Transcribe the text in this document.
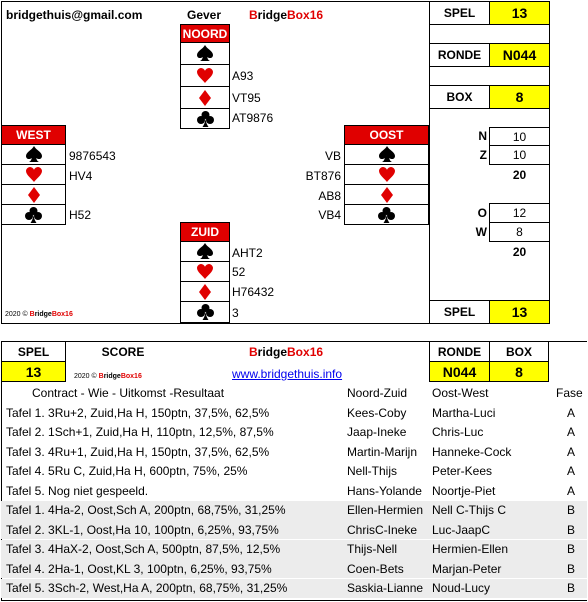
bridgethuis@gmail.com	Gever BridgeBox16
NOORD
A93
VT95
AT9876
WEST
9876543
HV4
H52
OOST
VB
BT876
AB8
VB4
ZUID
AHT2
52
H76432
3
2020 © BridgeBox16
SPEL	13
RONDE	N044
BOX	8
N	10
Z	10
20
O	12
W	8
20
SPEL	13
SPEL
13
SCORE	BridgeBox16
2020 © BridgeBox16	www.bridgethuis.info
RONDE
N044
BOX
8
Contract - Wie - Uitkomst -Resultaat	Noord-Zuid Oost-West	Fase
Tafel 1. 3Ru+2, Zuid,Ha H, 150ptn, 37,5%, 62,5%	Kees-Coby Martha-Luci	A
Tafel 2. 1Sch+1, Zuid,Ha H, 110ptn, 12,5%, 87,5%	Jaap-Ineke Chris-Luc	A
Tafel 3. 4Ru+1, Zuid,Ha H, 150ptn, 37,5%, 62,5%	Martin-Marijn Hanneke-Cock	A
Tafel 4. 5Ru C, Zuid,Ha H, 600ptn, 75%, 25%	Nell-Thijs	Peter-Kees	A
Tafel 5. Nog niet gespeeld.	Hans-Yolande Noortje-Piet	A
Tafel 1. 4Ha-2, Oost,Sch A, 200ptn, 68,75%, 31,25%	Ellen-Hermien Nell C-Thijs C	B
Tafel 2. 3KL-1, Oost,Ha 10, 100ptn, 6,25%, 93,75%	ChrisC-Ineke Luc-JaapC	B
Tafel 3. 4HaX-2, Oost,Sch A, 500ptn, 87,5%, 12,5%	Thijs-Nell	Hermien-Ellen	B
Tafel 4. 2Ha-1, Oost,KL 3, 100ptn, 6,25%, 93,75%	Coen-Bets Marjan-Peter	B
Tafel 5. 3Sch-2, West,Ha A, 200ptn, 68,75%, 31,25%	Saskia-Lianne Noud-Lucy	B
